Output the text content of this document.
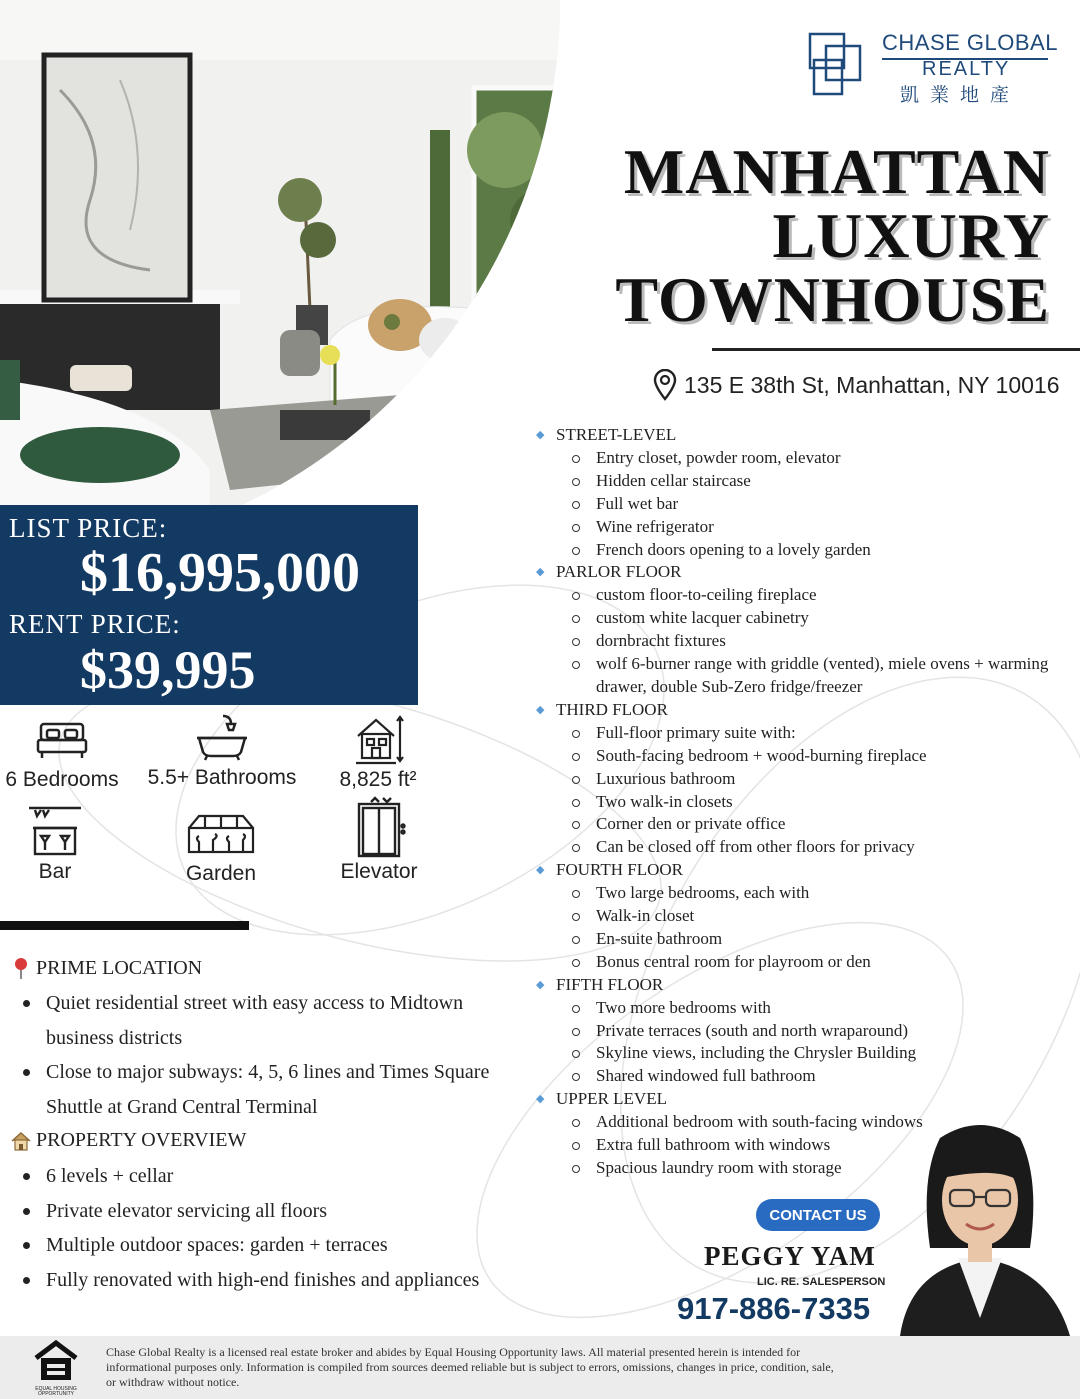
LIST PRICE:
$16,995,000
RENT PRICE:
$39,995
CHASE GLOBAL
REALTY
凱業地產
MANHATTAN
LUXURY
TOWNHOUSE
135 E 38th St, Manhattan, NY 10016
◆ STREET-LEVEL
Entry closet, powder room, elevator
Hidden cellar staircase
Full wet bar
Wine refrigerator
French doors opening to a lovely garden
◆ PARLOR FLOOR
custom floor-to-ceiling fireplace
custom white lacquer cabinetry
dornbracht fixtures
wolf 6-burner range with griddle (vented), miele ovens + warming drawer, double Sub-Zero fridge/freezer
◆ THIRD FLOOR
Full-floor primary suite with:
South-facing bedroom + wood-burning fireplace
Luxurious bathroom
Two walk-in closets
Corner den or private office
Can be closed off from other floors for privacy
◆ FOURTH FLOOR
Two large bedrooms, each with
Walk-in closet
En-suite bathroom
Bonus central room for playroom or den
◆ FIFTH FLOOR
Two more bedrooms with
Private terraces (south and north wraparound)
Skyline views, including the Chrysler Building
Shared windowed full bathroom
◆ UPPER LEVEL
Additional bedroom with south-facing windows
Extra full bathroom with windows
Spacious laundry room with storage
6 Bedrooms 5.5+ Bathrooms	8,825 ft²
Bar	Garden	Elevator
PRIME LOCATION
Quiet residential street with easy access to Midtown business districts
Close to major subways: 4, 5, 6 lines and Times Square Shuttle at Grand Central Terminal
PROPERTY OVERVIEW
6 levels + cellar
Private elevator servicing all floors
Multiple outdoor spaces: garden + terraces
Fully renovated with high-end finishes and appliances
CONTACT US
PEGGY YAM
LIC. RE. SALESPERSON
917-886-7335
EQUAL HOUSING OPPORTUNITY
Chase Global Realty is a licensed real estate broker and abides by Equal Housing Opportunity laws. All material presented herein is intended for informational purposes only. Information is compiled from sources deemed reliable but is subject to errors, omissions, changes in price, condition, sale, or withdraw without notice.
